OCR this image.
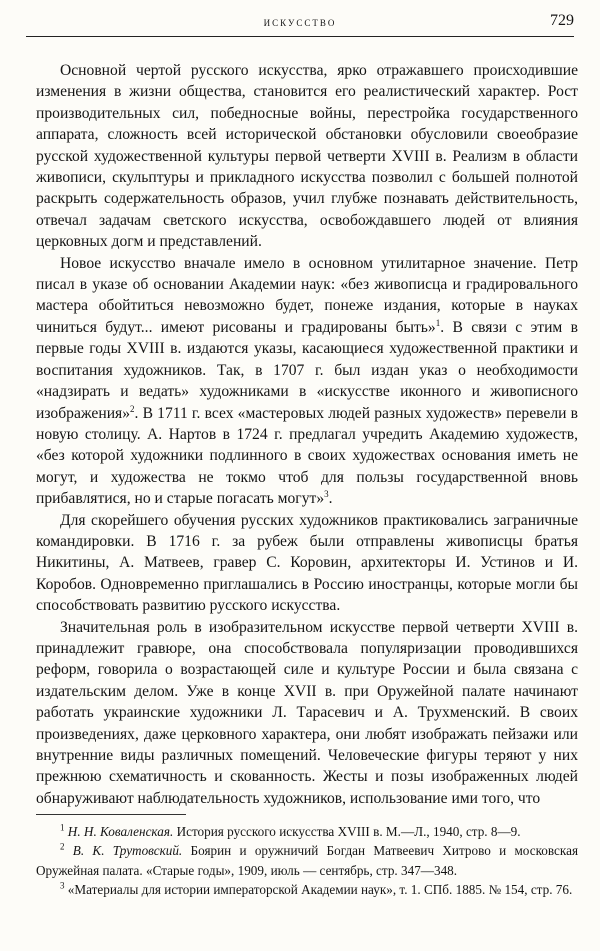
искусство	729

Основной чертой русского искусства, ярко отражавшего происходившие изменения в жизни общества, становится его реалистический характер. Рост производительных сил, победносные войны, перестройка государственного аппарата, сложность всей исторической обстановки обусловили своеобразие русской художественной культуры первой четверти XVIII в. Реализм в области живописи, скульптуры и прикладного искусства позволил с большей полнотой раскрыть содержательность образов, учил глубже познавать действительность, отвечал задачам светского искусства, освобождавшего людей от влияния церковных догм и представлений.

Новое искусство вначале имело в основном утилитарное значение. Петр писал в указе об основании Академии наук: «без живописца и градировального мастера обойтиться невозможно будет, понеже издания, которые в науках чиниться будут... имеют рисованы и градированы быть»$^1$. В связи с этим в первые годы XVIII в. издаются указы, касающиеся художественной практики и воспитания художников. Так, в 1707 г. был издан указ о необходимости «надзирать и ведать» художниками в «искусстве иконного и живописного изображения»$^2$. В 1711 г. всех «мастеровых людей разных художеств» перевели в новую столицу. А. Нартов в 1724 г. предлагал учредить Академию художеств, «без которой художники подлинного в своих художествах основания иметь не могут, и художества не токмо чтоб для пользы государственной вновь прибавлятися, но и старые погасать могут»$^3$.

Для скорейшего обучения русских художников практиковались заграничные командировки. В 1716 г. за рубеж были отправлены живописцы братья Никитины, А. Матвеев, гравер С. Коровин, архитекторы И. Устинов и И. Коробов. Одновременно приглашались в Россию иностранцы, которые могли бы способствовать развитию русского искусства.

Значительная роль в изобразительном искусстве первой четверти XVIII в. принадлежит гравюре, она способствовала популяризации проводившихся реформ, говорила о возрастающей силе и культуре России и была связана с издательским делом. Уже в конце XVII в. при Оружейной палате начинают работать украинские художники Л. Тарасевич и А. Трухменский. В своих произведениях, даже церковного характера, они любят изображать пейзажи или внутренние виды различных помещений. Человеческие фигуры теряют у них прежнюю схематичность и скованность. Жесты и позы изображенных людей обнаруживают наблюдательность художников, использование ими того, что

$^1$ Н. Н. Коваленская. История русского искусства XVIII в. М.—Л., 1940, стр. 8—9.

$^2$ В. К. Трутовский. Боярин и оружничий Богдан Матвеевич Хитрово и московская Оружейная палата. «Старые годы», 1909, июль — сентябрь, стр. 347—348.

$^3$ «Материалы для истории императорской Академии наук», т. 1. СПб. 1885. № 154, стр. 76.
